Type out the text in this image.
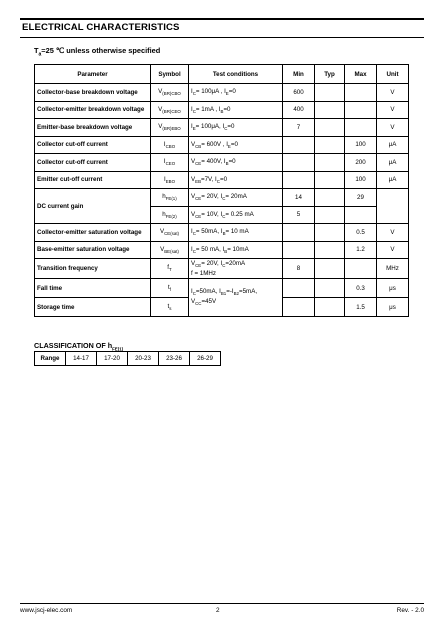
ELECTRICAL CHARACTERISTICS
$T_a=25$ ℃ unless otherwise specified
Parameter	Symbol	Test conditions	Min	Typ	Max	Unit
Collector-base breakdown voltage	$V_{(BR)CBO}$	$I_C= 100\mu A$ , $I_E=0$	600			V
Collector-emitter breakdown voltage	$V_{(BR)CEO}$	$I_C= 1mA$ , $I_B=0$	400			V
Emitter-base breakdown voltage	$V_{(BR)EBO}$	$I_E= 100\mu A$, $I_C=0$	7			V
Collector cut-off current	$I_{CBO}$	$V_{CB}= 600V$ , $I_E=0$			100	μA
Collector cut-off current	$I_{CEO}$	$V_{CE}= 400V$, $I_B=0$			200	μA
Emitter cut-off current	$I_{EBO}$	$V_{EB}=7V$, $I_C=0$			100	μA
DC current gain	$h_{FE(1)}$	$V_{CE}= 20V$, $I_C= 20mA$	14		29	
	$h_{FE(2)}$	$V_{CE}= 10V$, $I_C= 0.25$ mA	5			
Collector-emitter saturation voltage	$V_{CE(sat)}$	$I_C= 50mA$, $I_B= 10$ mA			0.5	V
Base-emitter saturation voltage	$V_{BE(sat)}$	$I_C= 50$ mA, $I_B= 10mA$			1.2	V
Transition frequency	$f_T$	$V_{CE}= 20V$, $I_C=20mA$
f = 1MHz	8			MHz
Fall time	$t_f$	$I_C=50mA$, $I_{B1}=-I_{B2}=5mA$,
$V_{CC}=45V$			0.3	μs
Storage time	$t_s$				1.5	μs
CLASSIFICATION OF $h_{FE(1)}$
Range	14-17	17-20	20-23	23-26	26-29
www.jscj-elec.com	2	Rev. - 2.0
